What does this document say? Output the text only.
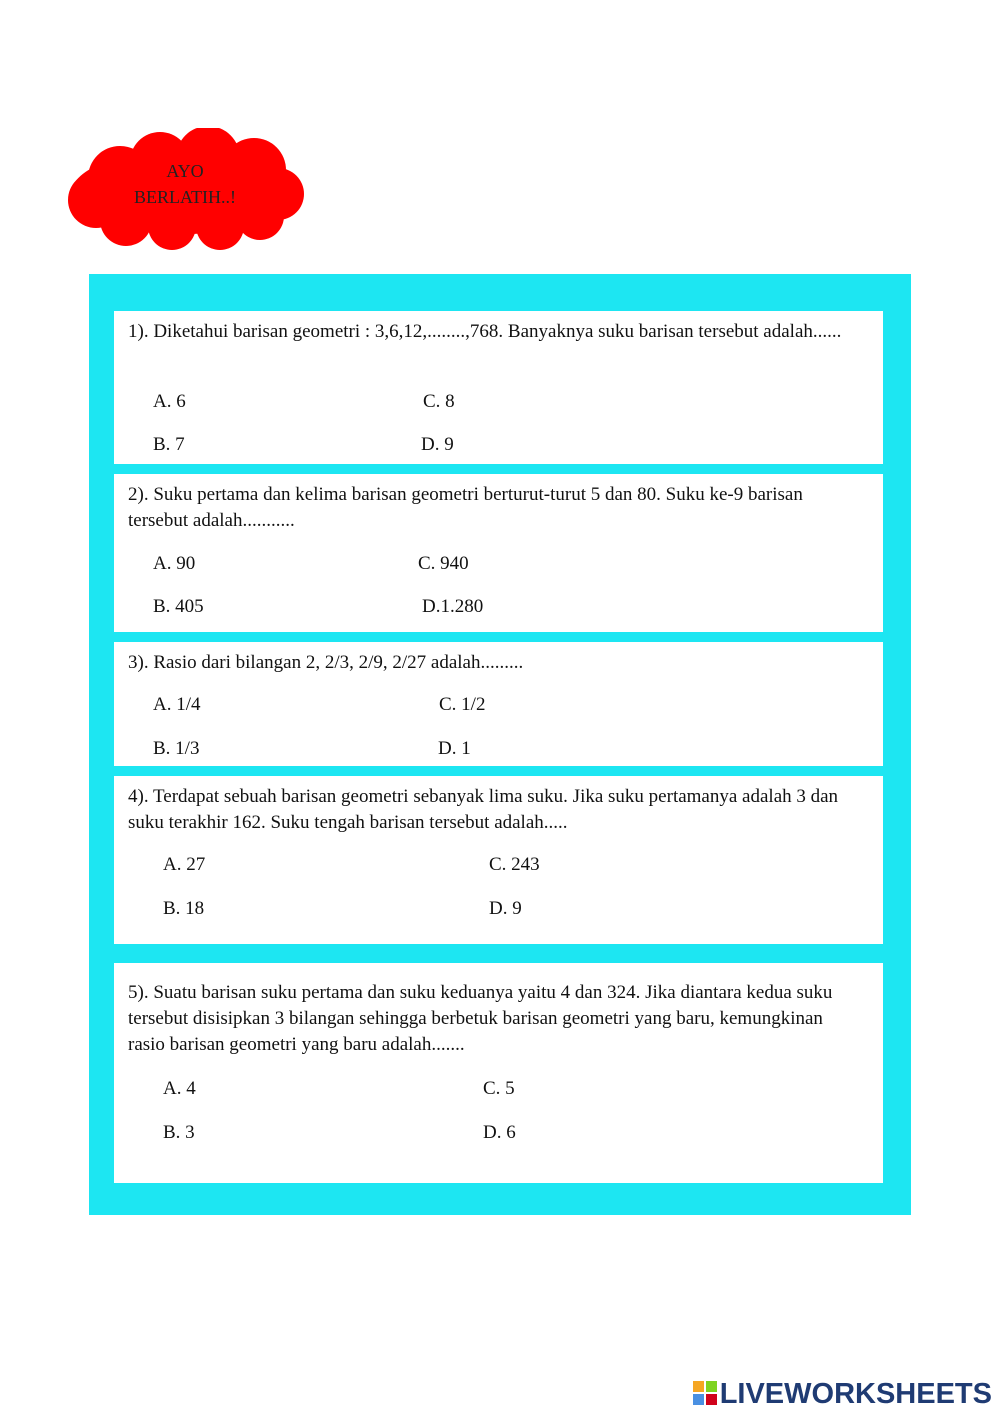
AYO
BERLATIH..!
1). Diketahui barisan geometri : 3,6,12,........,768. Banyaknya suku barisan tersebut adalah......
A. 6	C. 8
B. 7	D. 9
2). Suku pertama dan kelima barisan geometri berturut-turut 5 dan 80. Suku ke-9 barisan tersebut adalah...........
A. 90	C. 940
B. 405	D.1.280
3). Rasio dari bilangan 2, 2/3, 2/9, 2/27 adalah.........
A. 1/4	C. 1/2
B. 1/3	D. 1
4). Terdapat sebuah barisan geometri sebanyak lima suku. Jika suku pertamanya adalah 3 dan suku terakhir 162. Suku tengah barisan tersebut adalah.....
A. 27	C. 243
B. 18	D. 9
5). Suatu barisan suku pertama dan suku keduanya yaitu 4 dan 324. Jika diantara kedua suku tersebut disisipkan 3 bilangan sehingga berbetuk barisan geometri yang baru, kemungkinan rasio barisan geometri yang baru adalah.......
A. 4	C. 5
B. 3	D. 6
LIVEWORKSHEETS
